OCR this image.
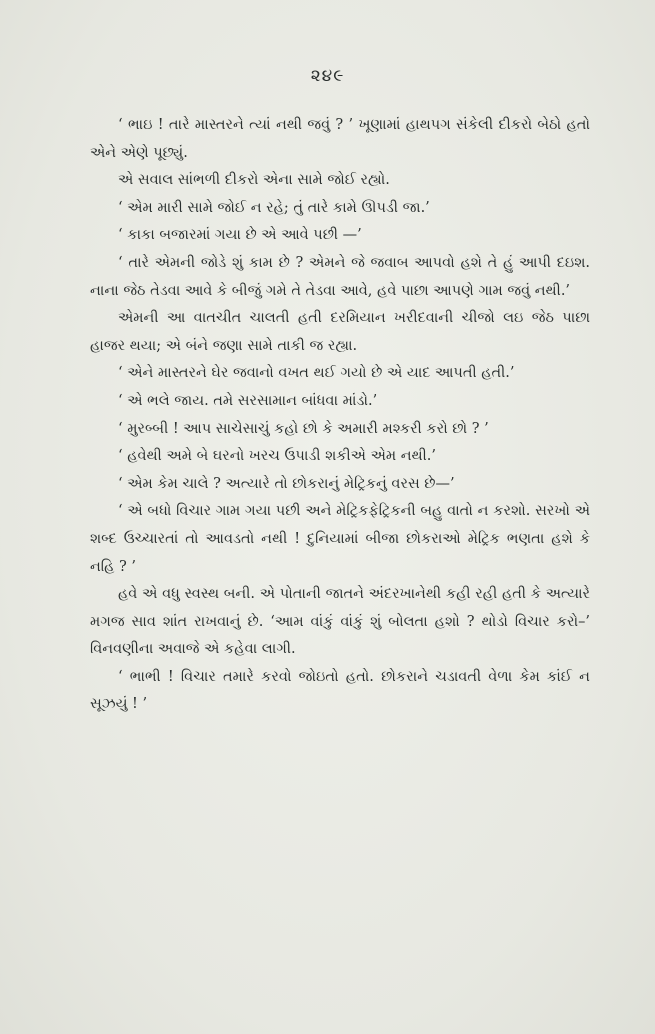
૨૪૯

‘ ભાઇ ! તારે માસ્તરને ત્યાં નથી જવું ? ’ ખૂણામાં હાથપગ સંકેલી દીકરો બેઠો હતો એને એણે પૂછ્યું.

એ સવાલ સાંભળી દીકરો એના સામે જોઈ રહ્યો.

‘ એમ મારી સામે જોઈ ન રહે; તું તારે કામે ઊપડી જા.’

‘ કાકા બજારમાં ગયા છે એ આવે પછી —’

‘ તારે એમની જોડે શું કામ છે ? એમને જે જવાબ આપવો હશે તે હું આપી દઇશ. નાના જેઠ તેડવા આવે કે બીજું ગમે તે તેડવા આવે, હવે પાછા આપણે ગામ જવું નથી.’

એમની આ વાતચીત ચાલતી હતી દરમિયાન ખરીદવાની ચીજો લઇ જેઠ પાછા હાજર થયા; એ બંને જણા સામે તાકી જ રહ્યા.

‘ એને માસ્તરને ઘેર જવાનો વખત થઈ ગયો છે એ યાદ આપતી હતી.’

‘ એ ભલે જાય. તમે સરસામાન બાંધવા માંડો.’

‘ મુરબ્બી ! આપ સાચેસાચું કહો છો કે અમારી મશ્કરી કરો છો ? ’

‘ હવેથી અમે બે ઘરનો ખરચ ઉપાડી શકીએ એમ નથી.’

‘ એમ કેમ ચાલે ? અત્યારે તો છોકરાનું મેટ્રિકનું વરસ છે—’

‘ એ બધો વિચાર ગામ ગયા પછી અને મેટ્રિકફેટ્રિકની બહુ વાતો ન કરશો. સરખો એ શબ્દ ઉચ્ચારતાં તો આવડતો નથી ! દુનિયામાં બીજા છોકરાઓ મેટ્રિક ભણતા હશે કે નહિ ? ’

હવે એ વધુ સ્વસ્થ બની. એ પોતાની જાતને અંદરખાનેથી કહી રહી હતી કે અત્યારે મગજ સાવ શાંત રાખવાનું છે. ‘આમ વાંકું વાંકું શું બોલતા હશો ? થોડો વિચાર કરો–’ વિનવણીના અવાજે એ કહેવા લાગી.

‘ ભાભી ! વિચાર તમારે કરવો જોઇતો હતો. છોકરાને ચડાવતી વેળા કેમ કાંઈ ન સૂઝયું ! ’
